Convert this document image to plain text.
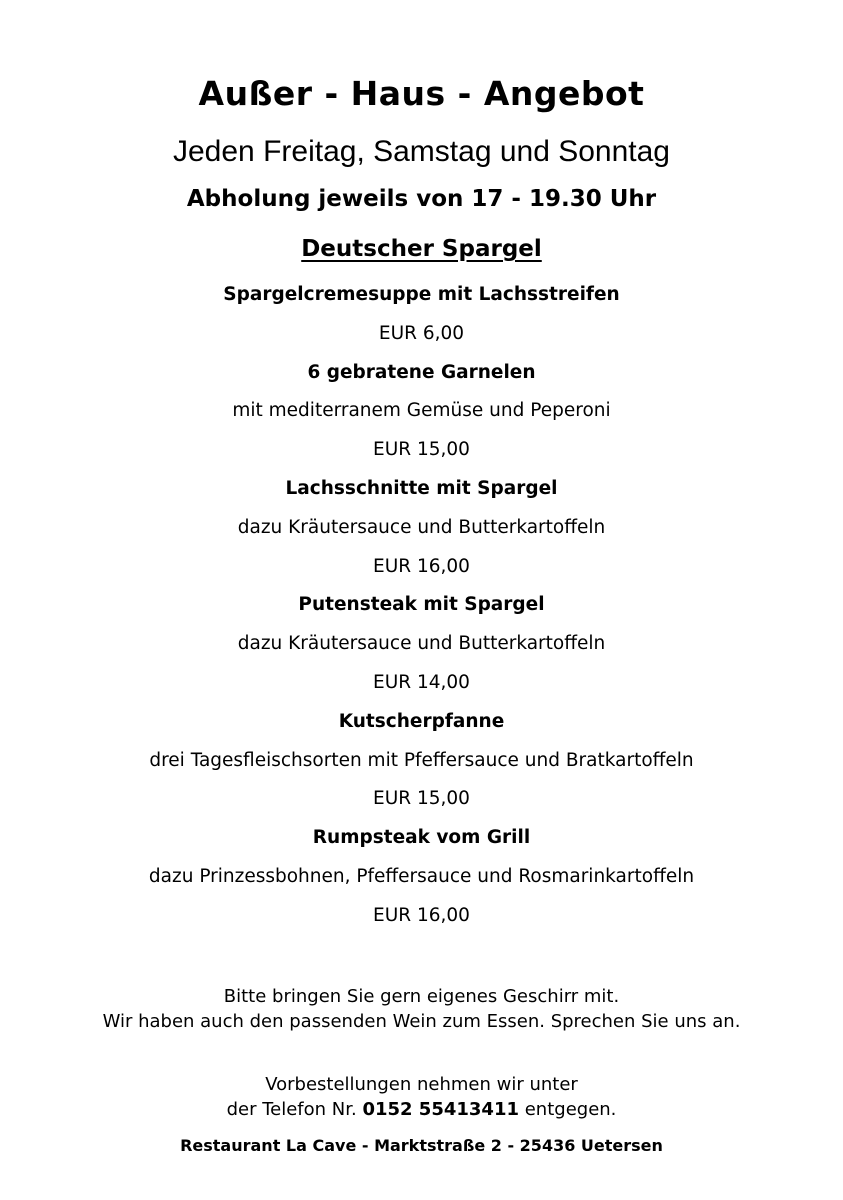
Außer - Haus - Angebot
Jeden Freitag, Samstag und Sonntag
Abholung jeweils von 17 - 19.30 Uhr
Deutscher Spargel
Spargelcremesuppe mit Lachsstreifen
EUR 6,00
6 gebratene Garnelen
mit mediterranem Gemüse und Peperoni
EUR 15,00
Lachsschnitte mit Spargel
dazu Kräutersauce und Butterkartoffeln
EUR 16,00
Putensteak mit Spargel
dazu Kräutersauce und Butterkartoffeln
EUR 14,00
Kutscherpfanne
drei Tagesfleischsorten mit Pfeffersauce und Bratkartoffeln
EUR 15,00
Rumpsteak vom Grill
dazu Prinzessbohnen, Pfeffersauce und Rosmarinkartoffeln
EUR 16,00
Bitte bringen Sie gern eigenes Geschirr mit.
Wir haben auch den passenden Wein zum Essen. Sprechen Sie uns an.
Vorbestellungen nehmen wir unter
der Telefon Nr. 0152 55413411 entgegen.
Restaurant La Cave - Marktstraße 2 - 25436 Uetersen
